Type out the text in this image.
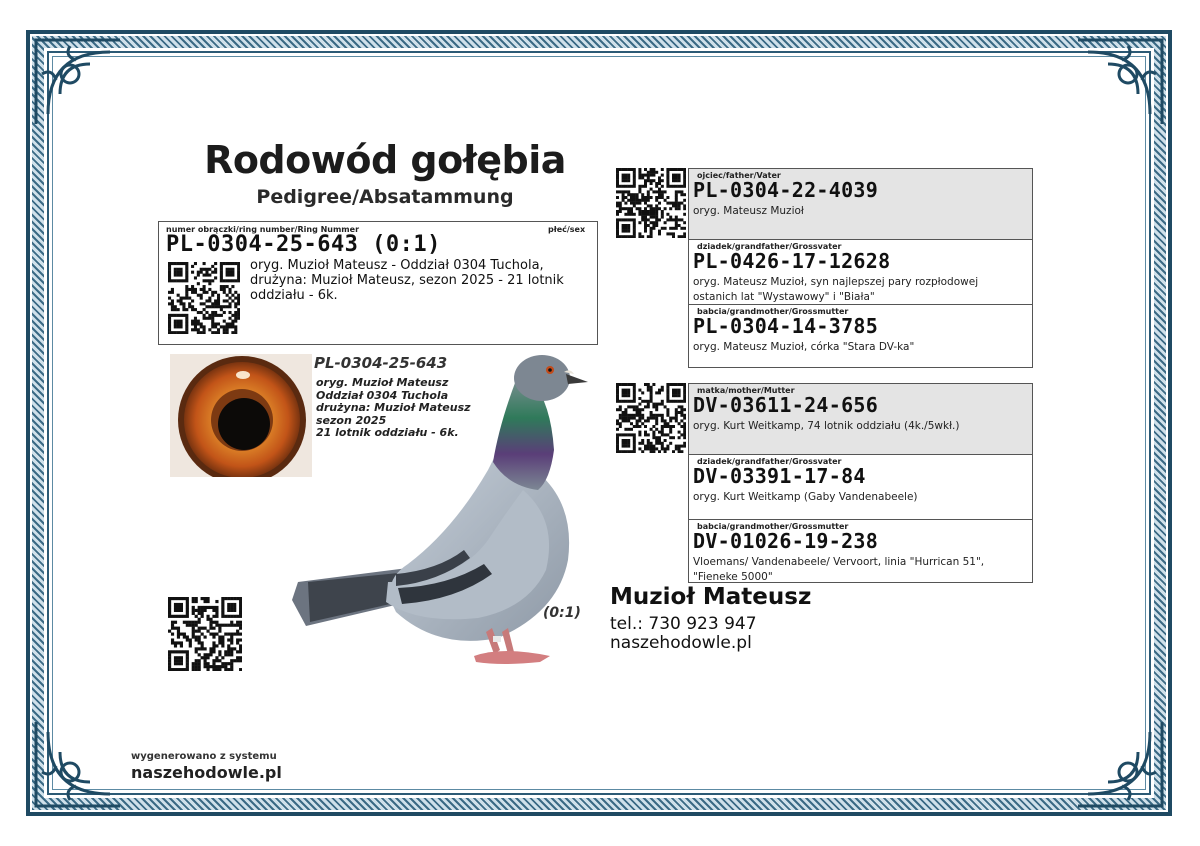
Rodowód gołębia
Pedigree/Absatammung
numer obrączki/ring number/Ring Nummer	płeć/sex
PL-0304-25-643 (0:1)
oryg. Muzioł Mateusz - Oddział 0304 Tuchola, drużyna: Muzioł Mateusz, sezon 2025 - 21 lotnik oddziału - 6k.
PL-0304-25-643
oryg. Muzioł Mateusz
Oddział 0304 Tuchola
drużyna: Muzioł Mateusz
sezon 2025
21 lotnik oddziału - 6k.
(0:1)
ojciec/father/Vater
PL-0304-22-4039
oryg. Mateusz Muzioł
dziadek/grandfather/Grossvater
PL-0426-17-12628
oryg. Mateusz Muzioł, syn najlepszej pary rozpłodowej ostanich lat "Wystawowy" i "Biała"
babcia/grandmother/Grossmutter
PL-0304-14-3785
oryg. Mateusz Muzioł, córka "Stara DV-ka"
matka/mother/Mutter
DV-03611-24-656
oryg. Kurt Weitkamp, 74 lotnik oddziału (4k./5wkł.)
dziadek/grandfather/Grossvater
DV-03391-17-84
oryg. Kurt Weitkamp (Gaby Vandenabeele)
babcia/grandmother/Grossmutter
DV-01026-19-238
Vloemans/ Vandenabeele/ Vervoort, linia "Hurrican 51", "Fieneke 5000"
Muzioł Mateusz
tel.: 730 923 947
naszehodowle.pl
wygenerowano z systemu
naszehodowle.pl
